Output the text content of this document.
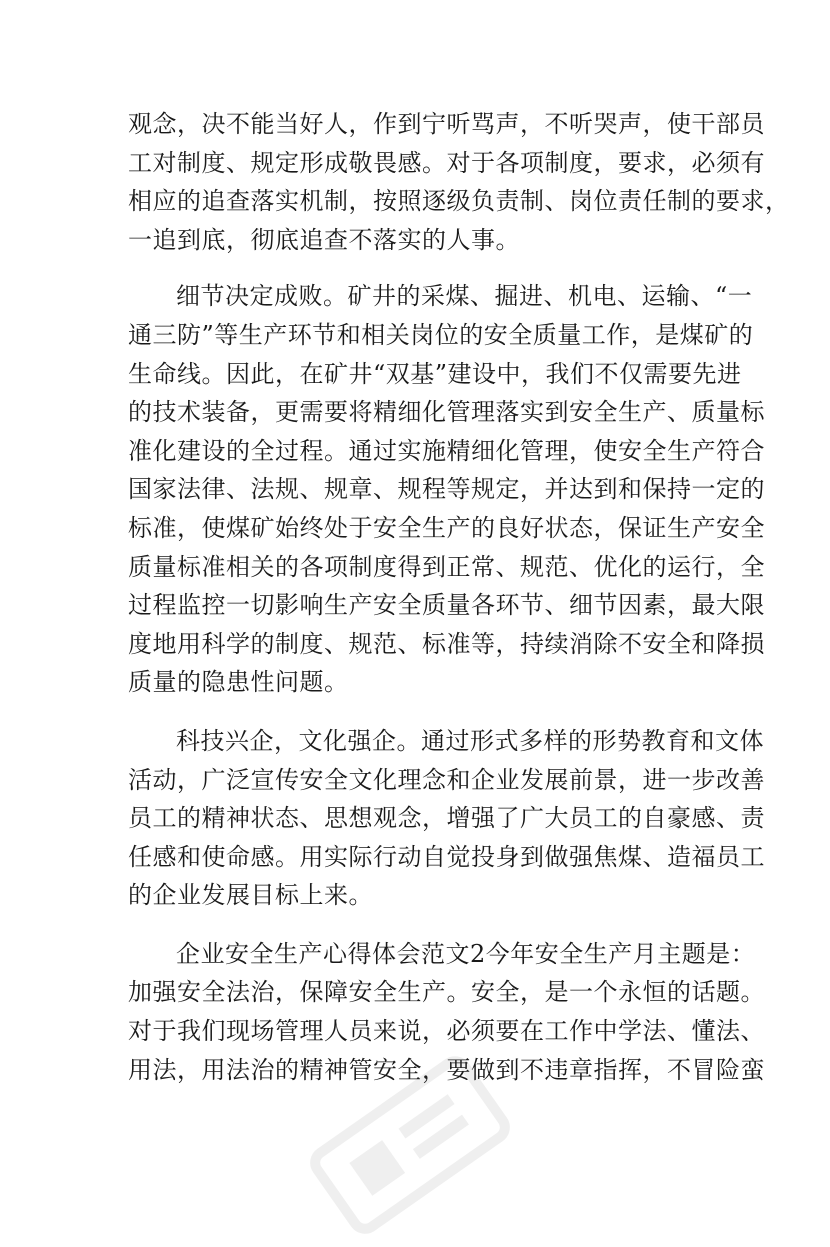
观念，决不能当好人，作到宁听骂声，不听哭声，使干部员
工对制度、规定形成敬畏感。对于各项制度，要求，必须有
相应的追查落实机制，按照逐级负责制、岗位责任制的要求，
一追到底，彻底追查不落实的人事。

细节决定成败。矿井的采煤、掘进、机电、运输、“一
通三防”等生产环节和相关岗位的安全质量工作，是煤矿的
生命线。因此，在矿井“双基”建设中，我们不仅需要先进
的技术装备，更需要将精细化管理落实到安全生产、质量标
准化建设的全过程。通过实施精细化管理，使安全生产符合
国家法律、法规、规章、规程等规定，并达到和保持一定的
标准，使煤矿始终处于安全生产的良好状态，保证生产安全
质量标准相关的各项制度得到正常、规范、优化的运行，全
过程监控一切影响生产安全质量各环节、细节因素，最大限
度地用科学的制度、规范、标准等，持续消除不安全和降损
质量的隐患性问题。

科技兴企，文化强企。通过形式多样的形势教育和文体
活动，广泛宣传安全文化理念和企业发展前景，进一步改善
员工的精神状态、思想观念，增强了广大员工的自豪感、责
任感和使命感。用实际行动自觉投身到做强焦煤、造福员工
的企业发展目标上来。

企业安全生产心得体会范文2今年安全生产月主题是：
加强安全法治，保障安全生产。安全，是一个永恒的话题。
对于我们现场管理人员来说，必须要在工作中学法、懂法、
用法，用法治的精神管安全，要做到不违章指挥，不冒险蛮
